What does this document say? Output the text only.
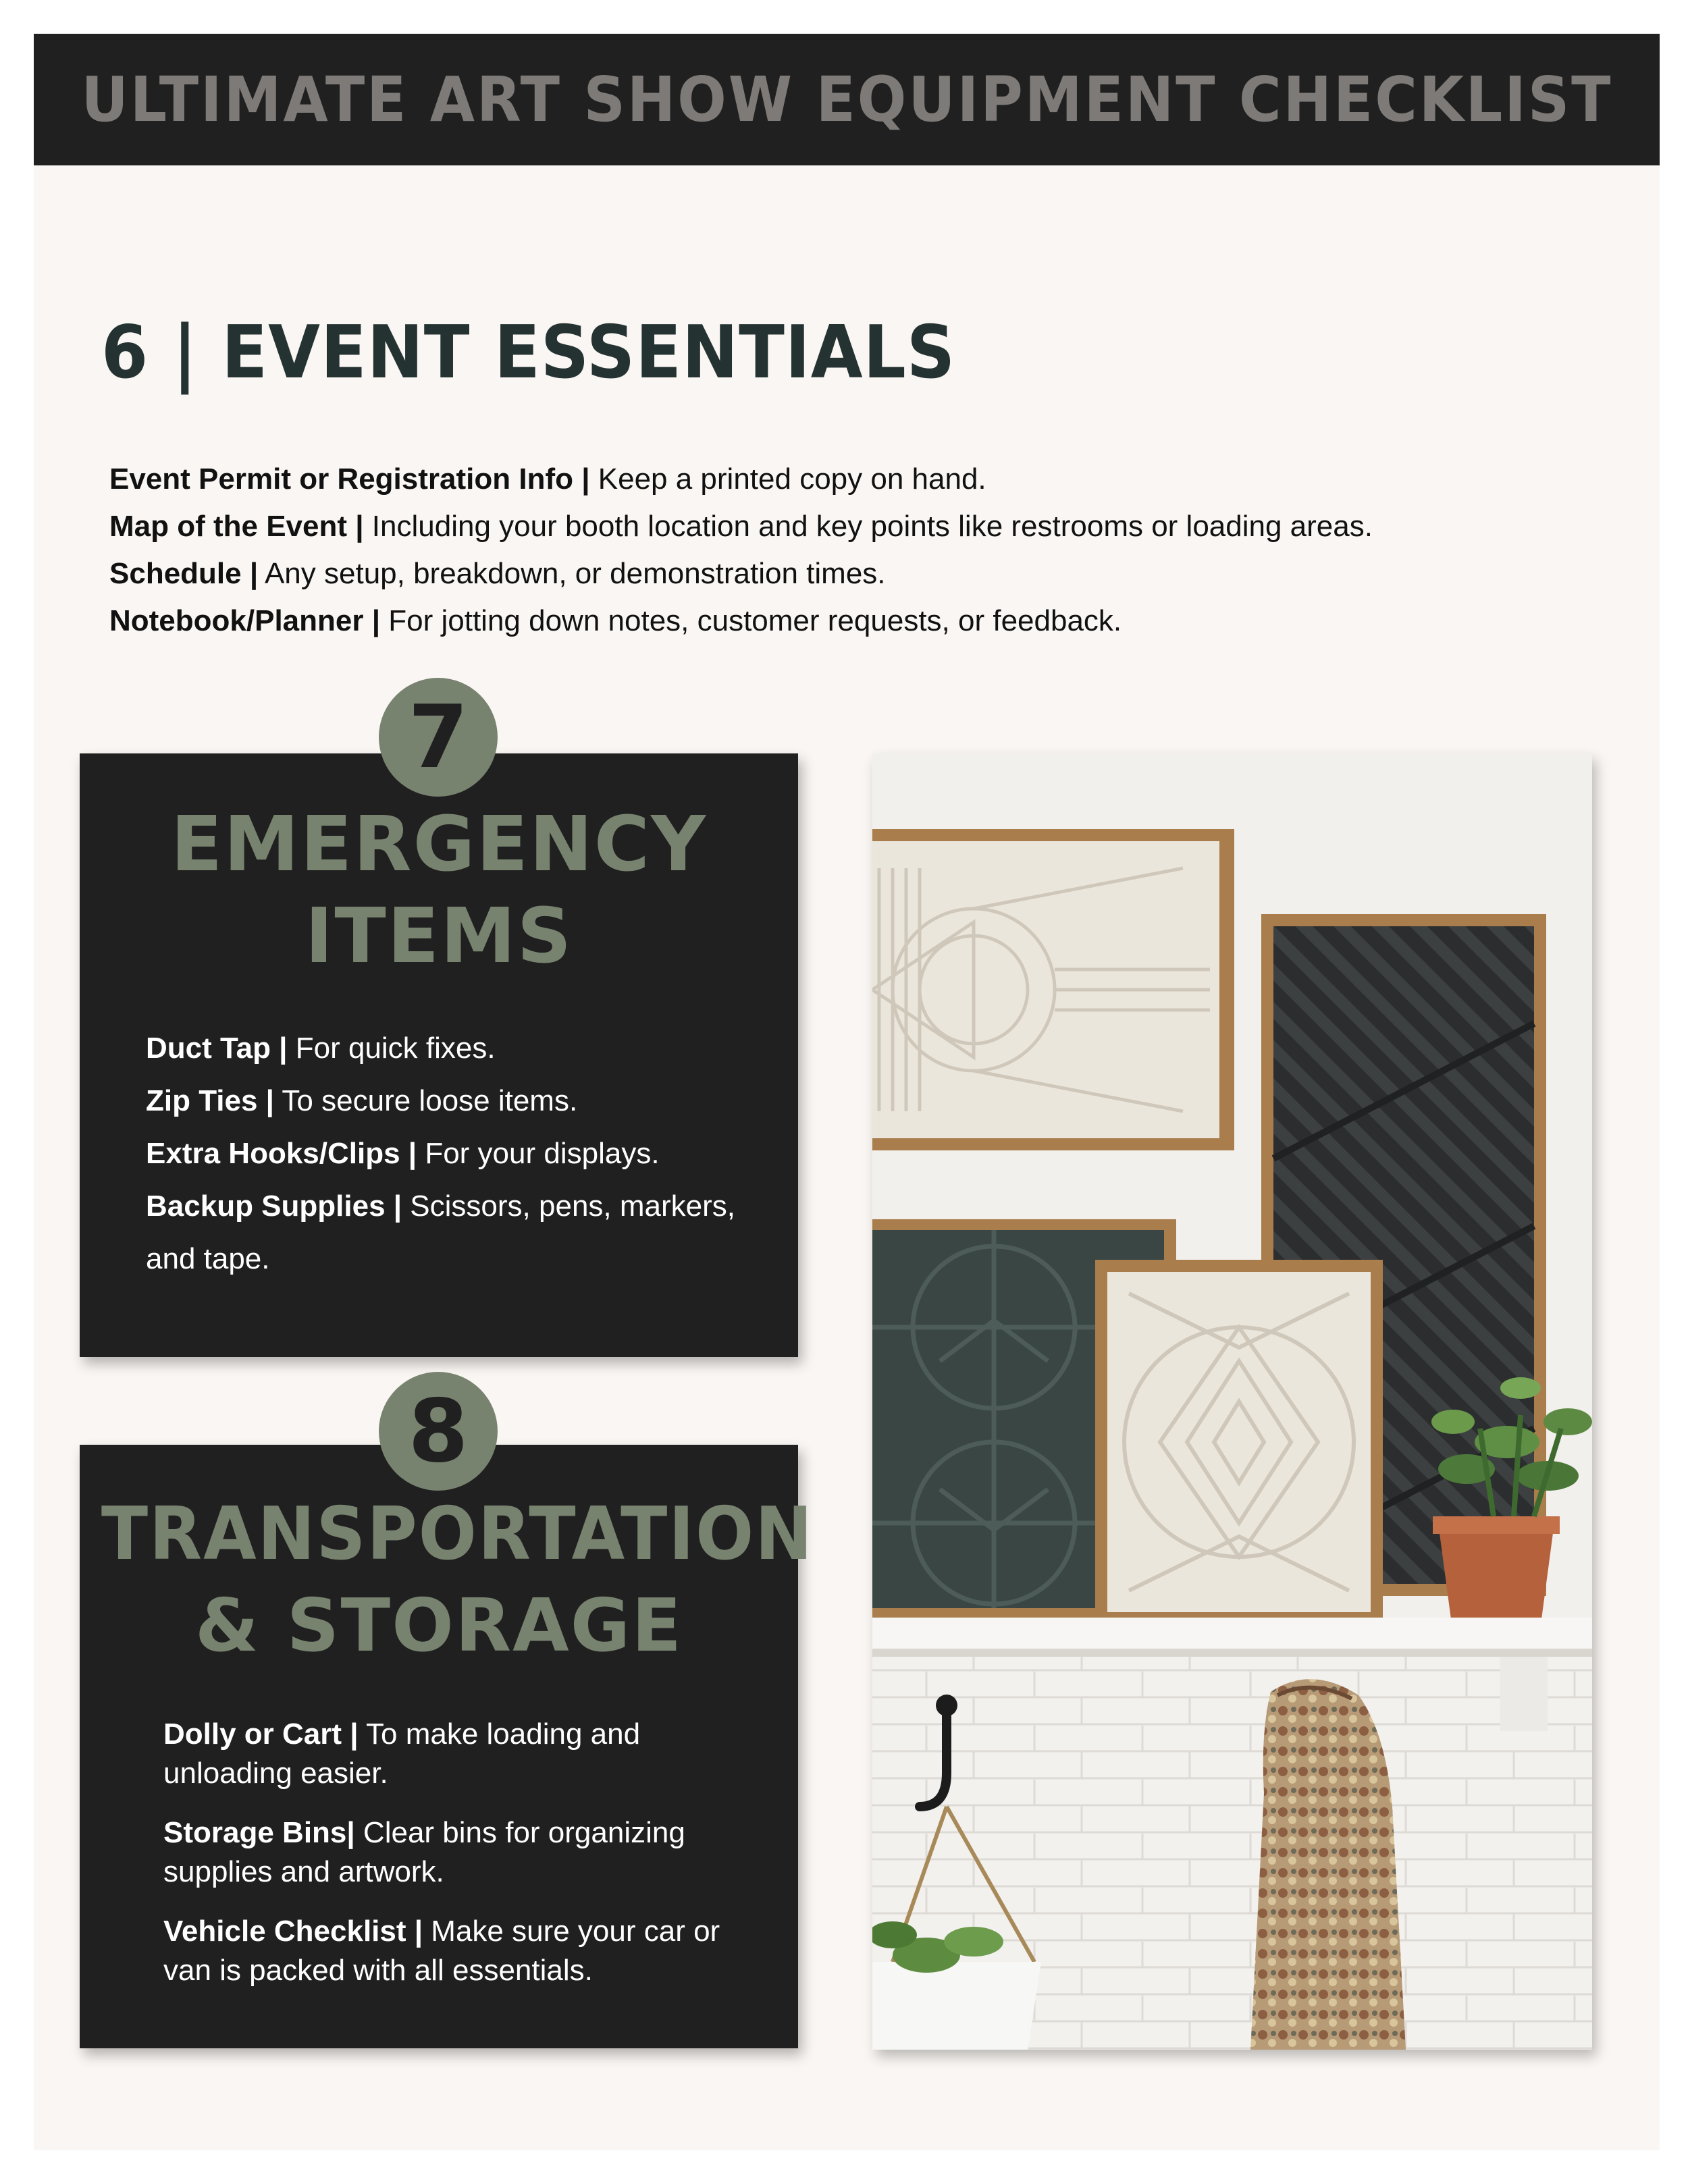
ULTIMATE ART SHOW EQUIPMENT CHECKLIST
6 | EVENT ESSENTIALS
Event Permit or Registration Info | Keep a printed copy on hand.
Map of the Event | Including your booth location and key points like restrooms or loading areas.
Schedule | Any setup, breakdown, or demonstration times.
Notebook/Planner | For jotting down notes, customer requests, or feedback.
EMERGENCY
ITEMS
Duct Tap | For quick fixes.
Zip Ties | To secure loose items.
Extra Hooks/Clips | For your displays.
Backup Supplies | Scissors, pens, markers, and tape.
7
TRANSPORTATION
& STORAGE
Dolly or Cart | To make loading and unloading easier.
Storage Bins| Clear bins for organizing supplies and artwork.
Vehicle Checklist | Make sure your car or van is packed with all essentials.
8
